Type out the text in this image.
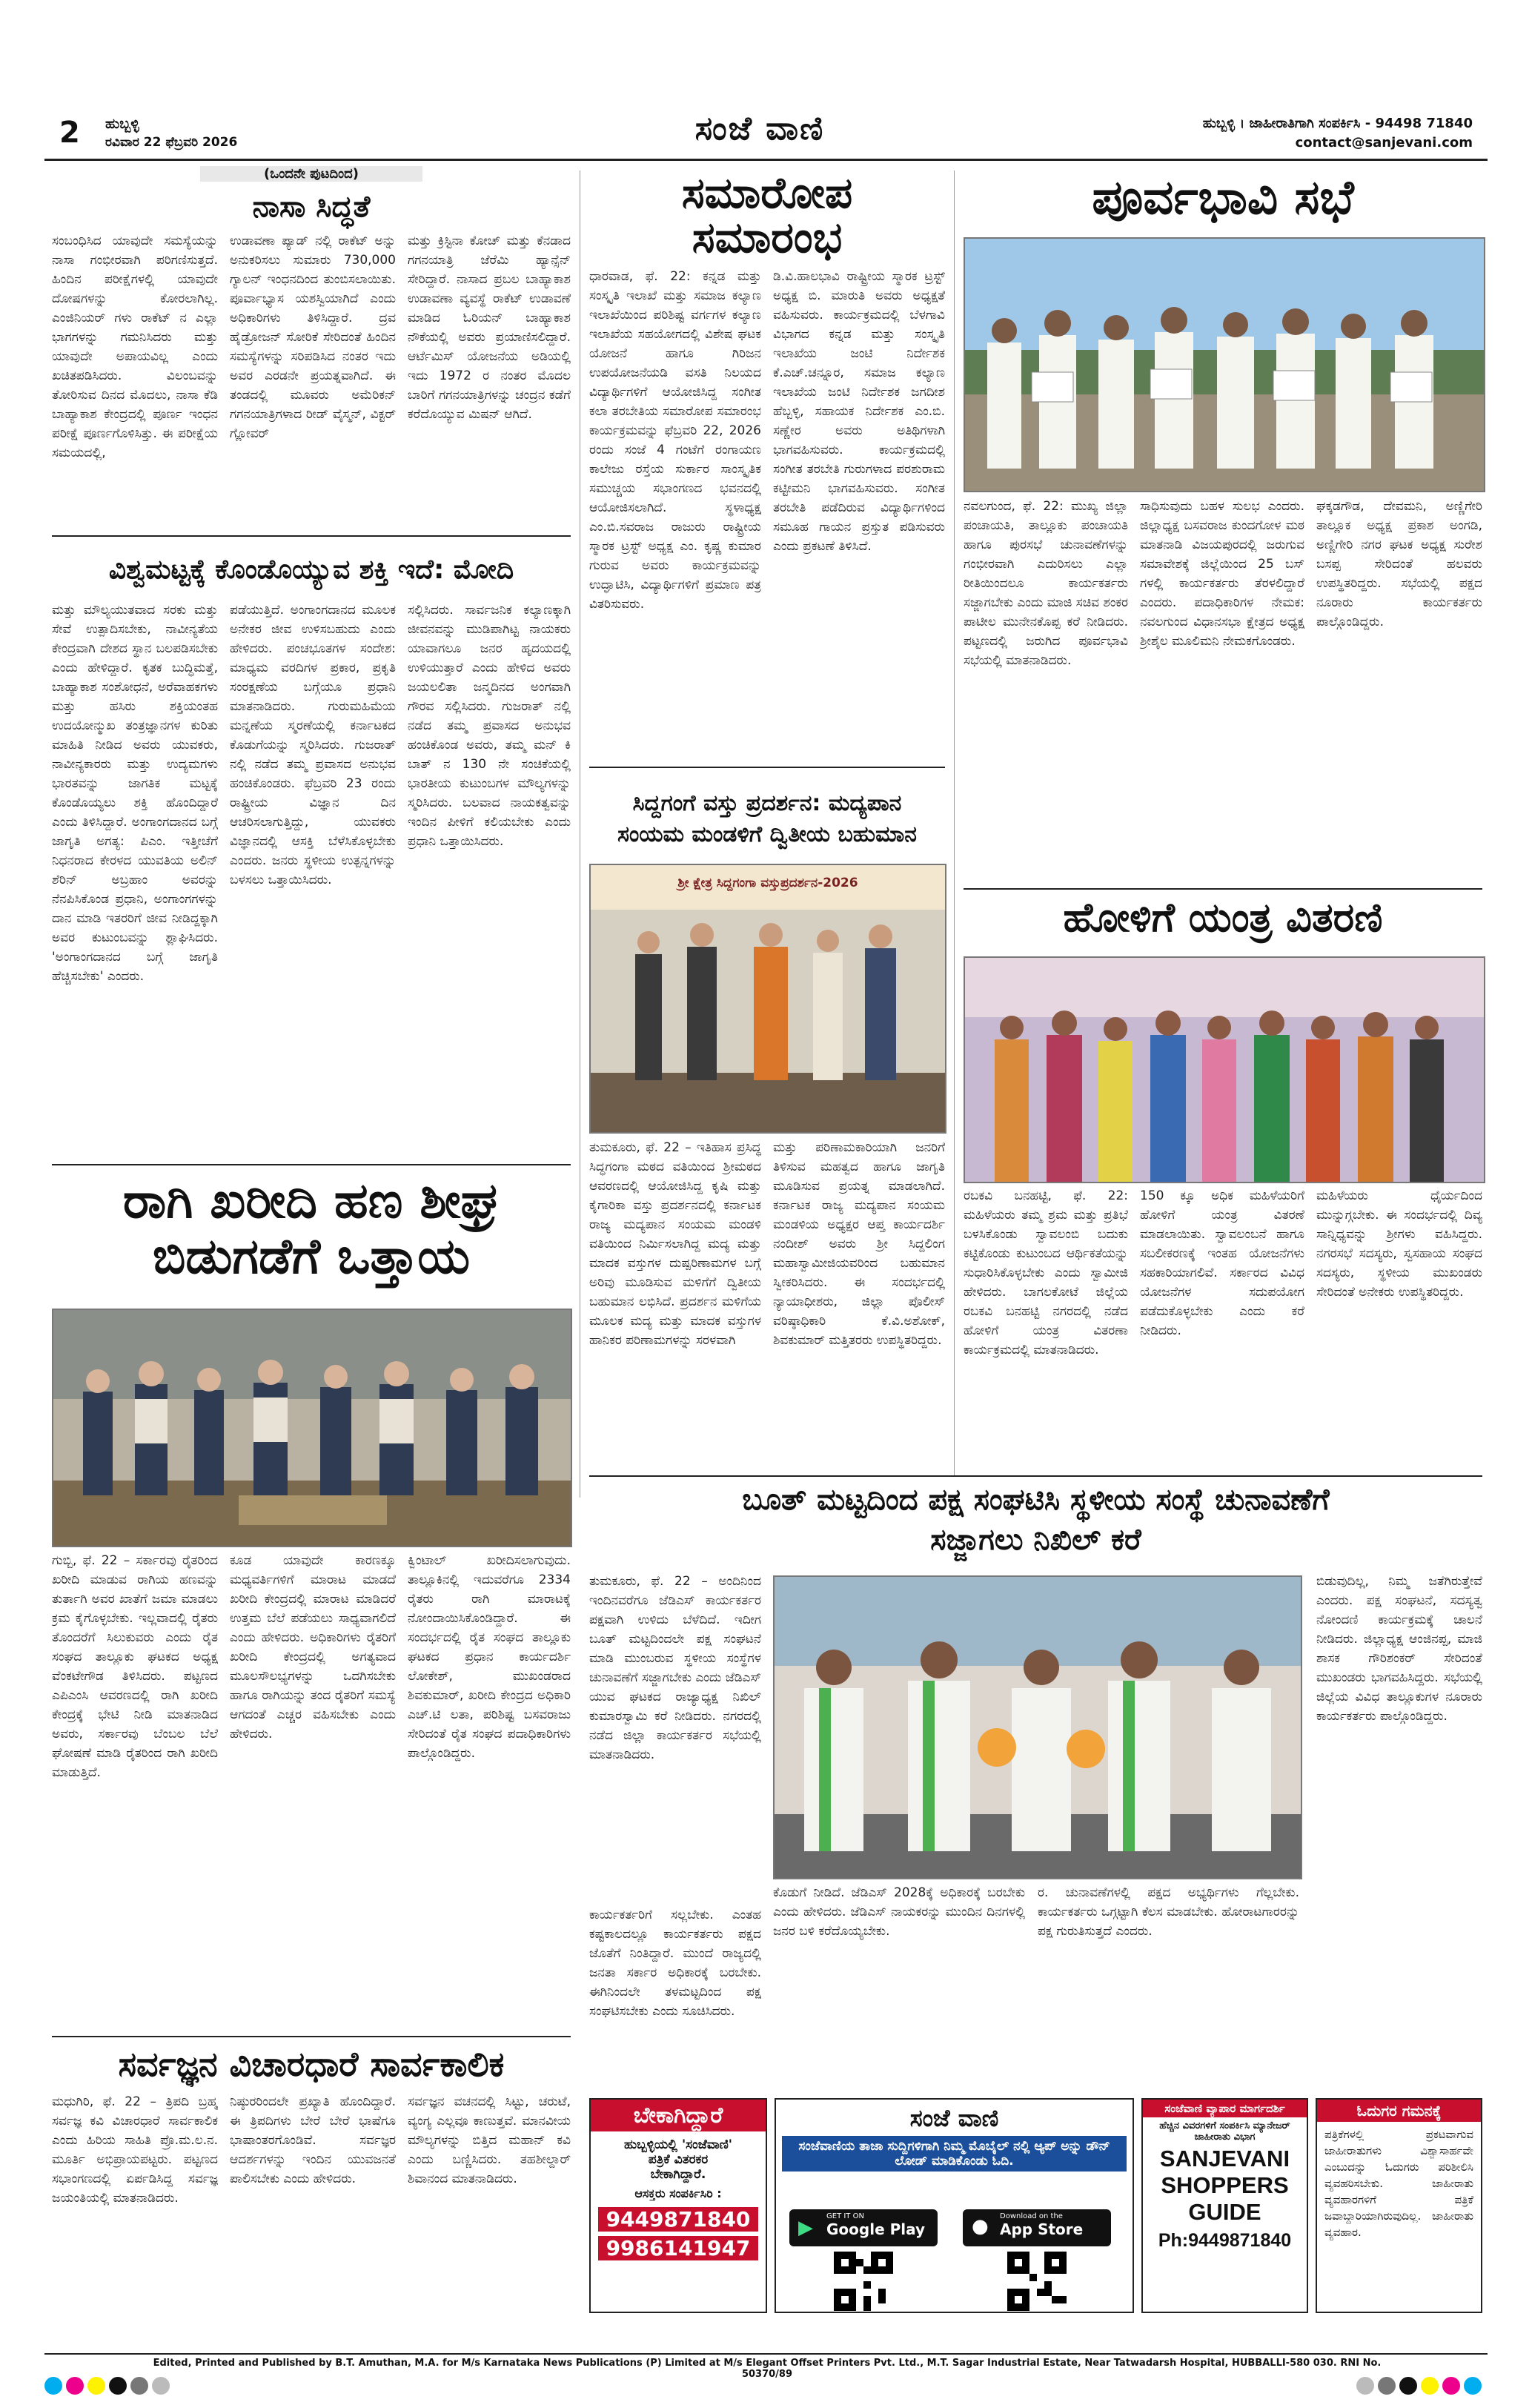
2 ಹುಬ್ಬಳ್ಳಿ
ರವಿವಾರ 22 ಫೆಬ್ರವರಿ 2026	ಸಂಜೆ ವಾಣಿ	ಹುಬ್ಬಳ್ಳಿ । ಜಾಹೀರಾತಿಗಾಗಿ ಸಂಪರ್ಕಿಸಿ - 94498 71840
contact@sanjevani.com
(ಒಂದನೇ ಪುಟದಿಂದ)
ನಾಸಾ ಸಿದ್ಧತೆ
ಸಂಬಂಧಿಸಿದ ಯಾವುದೇ ಸಮಸ್ಯೆಯನ್ನು ನಾಸಾ ಗಂಭೀರವಾಗಿ ಪರಿಗಣಿಸುತ್ತದೆ. ಹಿಂದಿನ ಪರೀಕ್ಷೆಗಳಲ್ಲಿ ಯಾವುದೇ ದೋಷಗಳನ್ನು ಕೋರಲಾಗಿಲ್ಲ. ಎಂಜಿನಿಯರ್ ಗಳು ರಾಕೆಟ್ ನ ಎಲ್ಲಾ ಭಾಗಗಳನ್ನು ಗಮನಿಸಿದರು ಮತ್ತು ಯಾವುದೇ ಅಪಾಯವಿಲ್ಲ ಎಂದು ಖಚಿತಪಡಿಸಿದರು. ವಿಲಂಬವನ್ನು ತೋರಿಸುವ ದಿನದ ಮೊದಲು, ನಾಸಾ ಕೆಡಿ ಬಾಹ್ಯಾಕಾಶ ಕೇಂದ್ರದಲ್ಲಿ ಪೂರ್ಣ ಇಂಧನ ಪರೀಕ್ಷೆ ಪೂರ್ಣಗೊಳಿಸಿತ್ತು. ಈ ಪರೀಕ್ಷೆಯ ಸಮಯದಲ್ಲಿ,
ಉಡಾವಣಾ ಪ್ಯಾಡ್ ನಲ್ಲಿ ರಾಕೆಟ್ ಅನ್ನು ಅನುಕರಿಸಲು ಸುಮಾರು 730,000 ಗ್ಯಾಲನ್ ಇಂಧನದಿಂದ ತುಂಬಿಸಲಾಯಿತು. ಪೂರ್ವಾಭ್ಯಾಸ ಯಶಸ್ವಿಯಾಗಿದೆ ಎಂದು ಅಧಿಕಾರಿಗಳು ತಿಳಿಸಿದ್ದಾರೆ. ದ್ರವ ಹೈಡ್ರೋಜನ್ ಸೋರಿಕೆ ಸೇರಿದಂತೆ ಹಿಂದಿನ ಸಮಸ್ಯೆಗಳನ್ನು ಸರಿಪಡಿಸಿದ ನಂತರ ಇದು ಅವರ ಎರಡನೇ ಪ್ರಯತ್ನವಾಗಿದೆ. ಈ ತಂಡದಲ್ಲಿ ಮೂವರು ಅಮೆರಿಕನ್ ಗಗನಯಾತ್ರಿಗಳಾದ ರೀಡ್ ವೈಸ್ಮನ್, ವಿಕ್ಟರ್ ಗ್ಲೋವರ್
ಮತ್ತು ಕ್ರಿಸ್ಟಿನಾ ಕೋಚ್ ಮತ್ತು ಕೆನಡಾದ ಗಗನಯಾತ್ರಿ ಜೆರೆಮಿ ಹ್ಯಾನ್ಸೆನ್ ಸೇರಿದ್ದಾರೆ. ನಾಸಾದ ಪ್ರಬಲ ಬಾಹ್ಯಾಕಾಶ ಉಡಾವಣಾ ವ್ಯವಸ್ಥೆ ರಾಕೆಟ್ ಉಡಾವಣೆ ಮಾಡಿದ ಓರಿಯನ್ ಬಾಹ್ಯಾಕಾಶ ನೌಕೆಯಲ್ಲಿ ಅವರು ಪ್ರಯಾಣಿಸಲಿದ್ದಾರೆ. ಆರ್ಟೆಮಿಸ್ ಯೋಜನೆಯ ಅಡಿಯಲ್ಲಿ ಇದು 1972 ರ ನಂತರ ಮೊದಲ ಬಾರಿಗೆ ಗಗನಯಾತ್ರಿಗಳನ್ನು ಚಂದ್ರನ ಕಡೆಗೆ ಕರೆದೊಯ್ಯುವ ಮಿಷನ್ ಆಗಿದೆ.
ವಿಶ್ವಮಟ್ಟಕ್ಕೆ ಕೊಂಡೊಯ್ಯುವ ಶಕ್ತಿ ಇದೆ: ಮೋದಿ
ಮತ್ತು ಮೌಲ್ಯಯುತವಾದ ಸರಕು ಮತ್ತು ಸೇವೆ ಉತ್ಪಾದಿಸಬೇಕು, ನಾವೀನ್ಯತೆಯ ಕೇಂದ್ರವಾಗಿ ದೇಶದ ಸ್ಥಾನ ಬಲಪಡಿಸಬೇಕು ಎಂದು ಹೇಳಿದ್ದಾರೆ. ಕೃತಕ ಬುದ್ಧಿಮತ್ತೆ, ಬಾಹ್ಯಾಕಾಶ ಸಂಶೋಧನೆ, ಅರೆವಾಹಕಗಳು ಮತ್ತು ಹಸಿರು ಶಕ್ತಿಯಂತಹ ಉದಯೋನ್ಮುಖ ತಂತ್ರಜ್ಞಾನಗಳ ಕುರಿತು ಮಾಹಿತಿ ನೀಡಿದ ಅವರು ಯುವಕರು, ನಾವೀನ್ಯಕಾರರು ಮತ್ತು ಉದ್ಯಮಗಳು ಭಾರತವನ್ನು ಜಾಗತಿಕ ಮಟ್ಟಕ್ಕೆ ಕೊಂಡೊಯ್ಯಲು ಶಕ್ತಿ ಹೊಂದಿದ್ದಾರೆ ಎಂದು ತಿಳಿಸಿದ್ದಾರೆ. ಅಂಗಾಂಗದಾನದ ಬಗ್ಗೆ ಜಾಗೃತಿ ಅಗತ್ಯ: ಪಿಎಂ. ಇತ್ತೀಚೆಗೆ ನಿಧನರಾದ ಕೇರಳದ ಯುವತಿಯ ಅಲಿನ್ ಶೆರಿನ್ ಅಬ್ರಹಾಂ ಅವರನ್ನು ನೆನಪಿಸಿಕೊಂಡ ಪ್ರಧಾನಿ, ಅಂಗಾಂಗಗಳನ್ನು ದಾನ ಮಾಡಿ ಇತರರಿಗೆ ಜೀವ ನೀಡಿದ್ದಕ್ಕಾಗಿ ಅವರ ಕುಟುಂಬವನ್ನು ಶ್ಲಾಘಿಸಿದರು. 'ಅಂಗಾಂಗದಾನದ ಬಗ್ಗೆ ಜಾಗೃತಿ ಹೆಚ್ಚಿಸಬೇಕು' ಎಂದರು.
ಪಡೆಯುತ್ತಿದೆ. ಅಂಗಾಂಗದಾನದ ಮೂಲಕ ಅನೇಕರ ಜೀವ ಉಳಿಸಬಹುದು ಎಂದು ಹೇಳಿದರು. ಪಂಚಭೂತಗಳ ಸಂದೇಶ: ಮಾಧ್ಯಮ ವರದಿಗಳ ಪ್ರಕಾರ, ಪ್ರಕೃತಿ ಸಂರಕ್ಷಣೆಯ ಬಗ್ಗೆಯೂ ಪ್ರಧಾನಿ ಮಾತನಾಡಿದರು. ಗುರುಮಹಿಮೆಯ ಮನ್ನಣೆಯ ಸ್ಮರಣೆಯಲ್ಲಿ ಕರ್ನಾಟಕದ ಕೊಡುಗೆಯನ್ನು ಸ್ಮರಿಸಿದರು. ಗುಜರಾತ್ ನಲ್ಲಿ ನಡೆದ ತಮ್ಮ ಪ್ರವಾಸದ ಅನುಭವ ಹಂಚಿಕೊಂಡರು. ಫೆಬ್ರವರಿ 23 ರಂದು ರಾಷ್ಟ್ರೀಯ ವಿಜ್ಞಾನ ದಿನ ಆಚರಿಸಲಾಗುತ್ತಿದ್ದು, ಯುವಕರು ವಿಜ್ಞಾನದಲ್ಲಿ ಆಸಕ್ತಿ ಬೆಳೆಸಿಕೊಳ್ಳಬೇಕು ಎಂದರು. ಜನರು ಸ್ಥಳೀಯ ಉತ್ಪನ್ನಗಳನ್ನು ಬಳಸಲು ಒತ್ತಾಯಿಸಿದರು.
ಸಲ್ಲಿಸಿದರು. ಸಾರ್ವಜನಿಕ ಕಲ್ಯಾಣಕ್ಕಾಗಿ ಜೀವನವನ್ನು ಮುಡಿಪಾಗಿಟ್ಟ ನಾಯಕರು ಯಾವಾಗಲೂ ಜನರ ಹೃದಯದಲ್ಲಿ ಉಳಿಯುತ್ತಾರೆ ಎಂದು ಹೇಳಿದ ಅವರು ಜಯಲಲಿತಾ ಜನ್ಮದಿನದ ಅಂಗವಾಗಿ ಗೌರವ ಸಲ್ಲಿಸಿದರು. ಗುಜರಾತ್ ನಲ್ಲಿ ನಡೆದ ತಮ್ಮ ಪ್ರವಾಸದ ಅನುಭವ ಹಂಚಿಕೊಂಡ ಅವರು, ತಮ್ಮ ಮನ್ ಕಿ ಬಾತ್ ನ 130 ನೇ ಸಂಚಿಕೆಯಲ್ಲಿ ಭಾರತೀಯ ಕುಟುಂಬಗಳ ಮೌಲ್ಯಗಳನ್ನು ಸ್ಮರಿಸಿದರು. ಬಲವಾದ ನಾಯಕತ್ವವನ್ನು ಇಂದಿನ ಪೀಳಿಗೆ ಕಲಿಯಬೇಕು ಎಂದು ಪ್ರಧಾನಿ ಒತ್ತಾಯಿಸಿದರು.
ರಾಗಿ ಖರೀದಿ ಹಣ ಶೀಘ್ರ
ಬಿಡುಗಡೆಗೆ ಒತ್ತಾಯ
ಗುಬ್ಬಿ, ಫೆ. 22 – ಸರ್ಕಾರವು ರೈತರಿಂದ ಖರೀದಿ ಮಾಡುವ ರಾಗಿಯ ಹಣವನ್ನು ತುರ್ತಾಗಿ ಅವರ ಖಾತೆಗೆ ಜಮಾ ಮಾಡಲು ಕ್ರಮ ಕೈಗೊಳ್ಳಬೇಕು. ಇಲ್ಲವಾದಲ್ಲಿ ರೈತರು ತೊಂದರೆಗೆ ಸಿಲುಕುವರು ಎಂದು ರೈತ ಸಂಘದ ತಾಲ್ಲೂಕು ಘಟಕದ ಅಧ್ಯಕ್ಷ ವೆಂಕಟೇಗೌಡ ತಿಳಿಸಿದರು. ಪಟ್ಟಣದ ಎಪಿಎಂಸಿ ಆವರಣದಲ್ಲಿ ರಾಗಿ ಖರೀದಿ ಕೇಂದ್ರಕ್ಕೆ ಭೇಟಿ ನೀಡಿ ಮಾತನಾಡಿದ ಅವರು, ಸರ್ಕಾರವು ಬೆಂಬಲ ಬೆಲೆ ಘೋಷಣೆ ಮಾಡಿ ರೈತರಿಂದ ರಾಗಿ ಖರೀದಿ ಮಾಡುತ್ತಿದೆ.
ಕೂಡ ಯಾವುದೇ ಕಾರಣಕ್ಕೂ ಮಧ್ಯವರ್ತಿಗಳಿಗೆ ಮಾರಾಟ ಮಾಡದೆ ಖರೀದಿ ಕೇಂದ್ರದಲ್ಲಿ ಮಾರಾಟ ಮಾಡಿದರೆ ಉತ್ತಮ ಬೆಲೆ ಪಡೆಯಲು ಸಾಧ್ಯವಾಗಲಿದೆ ಎಂದು ಹೇಳಿದರು. ಅಧಿಕಾರಿಗಳು ರೈತರಿಗೆ ಖರೀದಿ ಕೇಂದ್ರದಲ್ಲಿ ಅಗತ್ಯವಾದ ಮೂಲಸೌಲಭ್ಯಗಳನ್ನು ಒದಗಿಸಬೇಕು ಹಾಗೂ ರಾಗಿಯನ್ನು ತಂದ ರೈತರಿಗೆ ಸಮಸ್ಯೆ ಆಗದಂತೆ ಎಚ್ಚರ ವಹಿಸಬೇಕು ಎಂದು ಹೇಳಿದರು.
ಕ್ವಿಂಟಾಲ್ ಖರೀದಿಸಲಾಗುವುದು. ತಾಲ್ಲೂಕಿನಲ್ಲಿ ಇದುವರೆಗೂ 2334 ರೈತರು ರಾಗಿ ಮಾರಾಟಕ್ಕೆ ನೋಂದಾಯಿಸಿಕೊಂಡಿದ್ದಾರೆ. ಈ ಸಂದರ್ಭದಲ್ಲಿ ರೈತ ಸಂಘದ ತಾಲ್ಲೂಕು ಘಟಕದ ಪ್ರಧಾನ ಕಾರ್ಯದರ್ಶಿ ಲೋಕೇಶ್, ಮುಖಂಡರಾದ ಶಿವಕುಮಾರ್, ಖರೀದಿ ಕೇಂದ್ರದ ಅಧಿಕಾರಿ ಎಚ್.ಟಿ ಲತಾ, ಪರಿಶಿಷ್ಟ ಬಸವರಾಜು ಸೇರಿದಂತೆ ರೈತ ಸಂಘದ ಪದಾಧಿಕಾರಿಗಳು ಪಾಲ್ಗೊಂಡಿದ್ದರು.
ಸರ್ವಜ್ಞನ ವಿಚಾರಧಾರೆ ಸಾರ್ವಕಾಲಿಕ
ಮಧುಗಿರಿ, ಫೆ. 22 – ತ್ರಿಪದಿ ಬ್ರಹ್ಮ ಸರ್ವಜ್ಞ ಕವಿ ವಿಚಾರಧಾರೆ ಸಾರ್ವಕಾಲಿಕ ಎಂದು ಹಿರಿಯ ಸಾಹಿತಿ ಪ್ರೊ.ಮ.ಲ.ನ. ಮೂರ್ತಿ ಅಭಿಪ್ರಾಯಪಟ್ಟರು. ಪಟ್ಟಣದ ಸಭಾಂಗಣದಲ್ಲಿ ಏರ್ಪಡಿಸಿದ್ದ ಸರ್ವಜ್ಞ ಜಯಂತಿಯಲ್ಲಿ ಮಾತನಾಡಿದರು.
ನಿಷ್ಠುರರಿಂದಲೇ ಪ್ರಖ್ಯಾತಿ ಹೊಂದಿದ್ದಾರೆ. ಈ ತ್ರಿಪದಿಗಳು ಬೇರೆ ಬೇರೆ ಭಾಷೆಗೂ ಭಾಷಾಂತರಗೊಂಡಿವೆ. ಸರ್ವಜ್ಞರ ಆದರ್ಶಗಳನ್ನು ಇಂದಿನ ಯುವಜನತೆ ಪಾಲಿಸಬೇಕು ಎಂದು ಹೇಳಿದರು.
ಸರ್ವಜ್ಞನ ವಚನದಲ್ಲಿ ಸಿಟ್ಟು, ಚರುಟೆ, ವ್ಯಂಗ್ಯ ಎಲ್ಲವೂ ಕಾಣುತ್ತವೆ. ಮಾನವೀಯ ಮೌಲ್ಯಗಳನ್ನು ಬಿತ್ತಿದ ಮಹಾನ್ ಕವಿ ಎಂದು ಬಣ್ಣಿಸಿದರು. ತಹಶೀಲ್ದಾರ್ ಶಿವಾನಂದ ಮಾತನಾಡಿದರು.
ಸಮಾರೋಪ
ಸಮಾರಂಭ
ಧಾರವಾಡ, ಫೆ. 22: ಕನ್ನಡ ಮತ್ತು ಸಂಸ್ಕೃತಿ ಇಲಾಖೆ ಮತ್ತು ಸಮಾಜ ಕಲ್ಯಾಣ ಇಲಾಖೆಯಿಂದ ಪರಿಶಿಷ್ಟ ವರ್ಗಗಳ ಕಲ್ಯಾಣ ಇಲಾಖೆಯ ಸಹಯೋಗದಲ್ಲಿ ವಿಶೇಷ ಘಟಕ ಯೋಜನೆ ಹಾಗೂ ಗಿರಿಜನ ಉಪಯೋಜನೆಯಡಿ ವಸತಿ ನಿಲಯದ ವಿದ್ಯಾರ್ಥಿಗಳಿಗೆ ಆಯೋಜಿಸಿದ್ದ ಸಂಗೀತ ಕಲಾ ತರಬೇತಿಯ ಸಮಾರೋಪ ಸಮಾರಂಭ ಕಾರ್ಯಕ್ರಮವನ್ನು ಫೆಬ್ರವರಿ 22, 2026 ರಂದು ಸಂಜೆ 4 ಗಂಟೆಗೆ ರಂಗಾಯಣ ಕಾಲೇಜು ರಸ್ತೆಯ ಸುರ್ಕಾರ ಸಾಂಸ್ಕೃತಿಕ ಸಮುಚ್ಚಯ ಸಭಾಂಗಣದ ಭವನದಲ್ಲಿ ಆಯೋಜಿಸಲಾಗಿದೆ. ಸ್ಥಳಾಧ್ಯಕ್ಷ ಎಂ.ಬಿ.ಸವರಾಜ ರಾಜುರು ರಾಷ್ಟ್ರೀಯ ಸ್ಮಾರಕ ಟ್ರಸ್ಟ್ ಅಧ್ಯಕ್ಷ ಎಂ. ಕೃಷ್ಣ ಕುಮಾರ ಗುರುವ ಅವರು ಕಾರ್ಯಕ್ರಮವನ್ನು ಉದ್ಘಾಟಿಸಿ, ವಿದ್ಯಾರ್ಥಿಗಳಿಗೆ ಪ್ರಮಾಣ ಪತ್ರ ವಿತರಿಸುವರು.
ಡಿ.ವಿ.ಹಾಲಭಾವಿ ರಾಷ್ಟ್ರೀಯ ಸ್ಮಾರಕ ಟ್ರಸ್ಟ್ ಅಧ್ಯಕ್ಷ ಬಿ. ಮಾರುತಿ ಅವರು ಅಧ್ಯಕ್ಷತೆ ವಹಿಸುವರು. ಕಾರ್ಯಕ್ರಮದಲ್ಲಿ ಬೆಳಗಾವಿ ವಿಭಾಗದ ಕನ್ನಡ ಮತ್ತು ಸಂಸ್ಕೃತಿ ಇಲಾಖೆಯ ಜಂಟಿ ನಿರ್ದೇಶಕ ಕೆ.ಎಚ್.ಚನ್ನೂರ, ಸಮಾಜ ಕಲ್ಯಾಣ ಇಲಾಖೆಯ ಜಂಟಿ ನಿರ್ದೇಶಕ ಜಗದೀಶ ಹೆಬ್ಬಳ್ಳಿ, ಸಹಾಯಕ ನಿರ್ದೇಶಕ ಎಂ.ಬಿ. ಸಣ್ಣೇರ ಅವರು ಅತಿಥಿಗಳಾಗಿ ಭಾಗವಹಿಸುವರು. ಕಾರ್ಯಕ್ರಮದಲ್ಲಿ ಸಂಗೀತ ತರಬೇತಿ ಗುರುಗಳಾದ ಪರಶುರಾಮ ಕಟ್ಟೀಮನಿ ಭಾಗವಹಿಸುವರು. ಸಂಗೀತ ತರಬೇತಿ ಪಡೆದಿರುವ ವಿದ್ಯಾರ್ಥಿಗಳಿಂದ ಸಮೂಹ ಗಾಯನ ಪ್ರಸ್ತುತ ಪಡಿಸುವರು ಎಂದು ಪ್ರಕಟಣೆ ತಿಳಿಸಿದೆ.
ಸಿದ್ದಗಂಗೆ ವಸ್ತು ಪ್ರದರ್ಶನ: ಮದ್ಯಪಾನ
ಸಂಯಮ ಮಂಡಳಿಗೆ ದ್ವಿತೀಯ ಬಹುಮಾನ
ಶ್ರೀ ಕ್ಷೇತ್ರ ಸಿದ್ದಗಂಗಾ ವಸ್ತುಪ್ರದರ್ಶನ-2026
ತುಮಕೂರು, ಫೆ. 22 – ಇತಿಹಾಸ ಪ್ರಸಿದ್ಧ ಸಿದ್ಧಗಂಗಾ ಮಠದ ವತಿಯಿಂದ ಶ್ರೀಮಠದ ಆವರಣದಲ್ಲಿ ಆಯೋಜಿಸಿದ್ದ ಕೃಷಿ ಮತ್ತು ಕೈಗಾರಿಕಾ ವಸ್ತು ಪ್ರದರ್ಶನದಲ್ಲಿ ಕರ್ನಾಟಕ ರಾಜ್ಯ ಮದ್ಯಪಾನ ಸಂಯಮ ಮಂಡಳಿ ವತಿಯಿಂದ ನಿರ್ಮಿಸಲಾಗಿದ್ದ ಮದ್ಯ ಮತ್ತು ಮಾದಕ ವಸ್ತುಗಳ ದುಷ್ಪರಿಣಾಮಗಳ ಬಗ್ಗೆ ಅರಿವು ಮೂಡಿಸುವ ಮಳಿಗೆಗೆ ದ್ವಿತೀಯ ಬಹುಮಾನ ಲಭಿಸಿದೆ. ಪ್ರದರ್ಶನ ಮಳಿಗೆಯ ಮೂಲಕ ಮದ್ಯ ಮತ್ತು ಮಾದಕ ವಸ್ತುಗಳ ಹಾನಿಕರ ಪರಿಣಾಮಗಳನ್ನು ಸರಳವಾಗಿ
ಮತ್ತು ಪರಿಣಾಮಕಾರಿಯಾಗಿ ಜನರಿಗೆ ತಿಳಿಸುವ ಮಹತ್ವದ ಹಾಗೂ ಜಾಗೃತಿ ಮೂಡಿಸುವ ಪ್ರಯತ್ನ ಮಾಡಲಾಗಿದೆ. ಕರ್ನಾಟಕ ರಾಜ್ಯ ಮದ್ಯಪಾನ ಸಂಯಮ ಮಂಡಳಿಯ ಅಧ್ಯಕ್ಷರ ಆಪ್ತ ಕಾರ್ಯದರ್ಶಿ ನಂದೀಶ್ ಅವರು ಶ್ರೀ ಸಿದ್ದಲಿಂಗ ಮಹಾಸ್ವಾಮೀಜಿಯವರಿಂದ ಬಹುಮಾನ ಸ್ವೀಕರಿಸಿದರು. ಈ ಸಂದರ್ಭದಲ್ಲಿ ನ್ಯಾಯಾಧೀಶರು, ಜಿಲ್ಲಾ ಪೊಲೀಸ್ ವರಿಷ್ಠಾಧಿಕಾರಿ ಕೆ.ವಿ.ಅಶೋಕ್, ಶಿವಕುಮಾರ್ ಮತ್ತಿತರರು ಉಪಸ್ಥಿತರಿದ್ದರು.
ಪೂರ್ವಭಾವಿ ಸಭೆ
ನವಲಗುಂದ, ಫೆ. 22: ಮುಖ್ಯ ಜಿಲ್ಲಾ ಪಂಚಾಯತಿ, ತಾಲ್ಲೂಕು ಪಂಚಾಯತಿ ಹಾಗೂ ಪುರಸಭೆ ಚುನಾವಣೆಗಳನ್ನು ಗಂಭೀರವಾಗಿ ಎದುರಿಸಲು ಎಲ್ಲಾ ರೀತಿಯಿಂದಲೂ ಕಾರ್ಯಕರ್ತರು ಸಜ್ಜಾಗಬೇಕು ಎಂದು ಮಾಜಿ ಸಚಿವ ಶಂಕರ ಪಾಟೀಲ ಮುನೇನಕೊಪ್ಪ ಕರೆ ನೀಡಿದರು. ಪಟ್ಟಣದಲ್ಲಿ ಜರುಗಿದ ಪೂರ್ವಭಾವಿ ಸಭೆಯಲ್ಲಿ ಮಾತನಾಡಿದರು.
ಸಾಧಿಸುವುದು ಬಹಳ ಸುಲಭ ಎಂದರು. ಜಿಲ್ಲಾಧ್ಯಕ್ಷ ಬಸವರಾಜ ಕುಂದಗೋಳ ಮಠ ಮಾತನಾಡಿ ವಿಜಯಪುರದಲ್ಲಿ ಜರುಗುವ ಸಮಾವೇಶಕ್ಕೆ ಜಿಲ್ಲೆಯಿಂದ 25 ಬಸ್ ಗಳಲ್ಲಿ ಕಾರ್ಯಕರ್ತರು ತೆರಳಲಿದ್ದಾರೆ ಎಂದರು. ಪದಾಧಿಕಾರಿಗಳ ನೇಮಕ: ನವಲಗುಂದ ವಿಧಾನಸಭಾ ಕ್ಷೇತ್ರದ ಅಧ್ಯಕ್ಷ ಶ್ರೀಶೈಲ ಮೂಲಿಮನಿ ನೇಮಕಗೊಂಡರು.
ಘಕ್ಕಡಗೌಡ, ದೇವಮನಿ, ಅಣ್ಣಿಗೇರಿ ತಾಲ್ಲೂಕ ಅಧ್ಯಕ್ಷ ಪ್ರಕಾಶ ಅಂಗಡಿ, ಅಣ್ಣಿಗೇರಿ ನಗರ ಘಟಕ ಅಧ್ಯಕ್ಷ ಸುರೇಶ ಬಸಪ್ಪ ಸೇರಿದಂತೆ ಹಲವರು ಉಪಸ್ಥಿತರಿದ್ದರು. ಸಭೆಯಲ್ಲಿ ಪಕ್ಷದ ನೂರಾರು ಕಾರ್ಯಕರ್ತರು ಪಾಲ್ಗೊಂಡಿದ್ದರು.
ಹೋಳಿಗೆ ಯಂತ್ರ ವಿತರಣಿ
ರಬಕವಿ ಬನಹಟ್ಟಿ, ಫೆ. 22: ಮಹಿಳೆಯರು ತಮ್ಮ ಶ್ರಮ ಮತ್ತು ಪ್ರತಿಭೆ ಬಳಸಿಕೊಂಡು ಸ್ವಾವಲಂಬಿ ಬದುಕು ಕಟ್ಟಿಕೊಂಡು ಕುಟುಂಬದ ಆರ್ಥಿಕತೆಯನ್ನು ಸುಧಾರಿಸಿಕೊಳ್ಳಬೇಕು ಎಂದು ಸ್ವಾಮೀಜಿ ಹೇಳಿದರು. ಬಾಗಲಕೋಟೆ ಜಿಲ್ಲೆಯ ರಬಕವಿ ಬನಹಟ್ಟಿ ನಗರದಲ್ಲಿ ನಡೆದ ಹೋಳಿಗೆ ಯಂತ್ರ ವಿತರಣಾ ಕಾರ್ಯಕ್ರಮದಲ್ಲಿ ಮಾತನಾಡಿದರು.
150 ಕ್ಕೂ ಅಧಿಕ ಮಹಿಳೆಯರಿಗೆ ಹೋಳಿಗೆ ಯಂತ್ರ ವಿತರಣೆ ಮಾಡಲಾಯಿತು. ಸ್ವಾವಲಂಬನೆ ಹಾಗೂ ಸಬಲೀಕರಣಕ್ಕೆ ಇಂತಹ ಯೋಜನೆಗಳು ಸಹಕಾರಿಯಾಗಲಿವೆ. ಸರ್ಕಾರದ ವಿವಿಧ ಯೋಜನೆಗಳ ಸದುಪಯೋಗ ಪಡೆದುಕೊಳ್ಳಬೇಕು ಎಂದು ಕರೆ ನೀಡಿದರು.
ಮಹಿಳೆಯರು ಧೈರ್ಯದಿಂದ ಮುನ್ನುಗ್ಗಬೇಕು. ಈ ಸಂದರ್ಭದಲ್ಲಿ ದಿವ್ಯ ಸಾನ್ನಿಧ್ಯವನ್ನು ಶ್ರೀಗಳು ವಹಿಸಿದ್ದರು. ನಗರಸಭೆ ಸದಸ್ಯರು, ಸ್ವಸಹಾಯ ಸಂಘದ ಸದಸ್ಯರು, ಸ್ಥಳೀಯ ಮುಖಂಡರು ಸೇರಿದಂತೆ ಅನೇಕರು ಉಪಸ್ಥಿತರಿದ್ದರು.
ಬೂತ್ ಮಟ್ಟದಿಂದ ಪಕ್ಷ ಸಂಘಟಿಸಿ ಸ್ಥಳೀಯ ಸಂಸ್ಥೆ ಚುನಾವಣೆಗೆ
ಸಜ್ಜಾಗಲು ನಿಖಿಲ್ ಕರೆ
ತುಮಕೂರು, ಫೆ. 22 – ಅಂದಿನಿಂದ ಇಂದಿನವರೆಗೂ ಜೆಡಿಎಸ್ ಕಾರ್ಯಕರ್ತರ ಪಕ್ಷವಾಗಿ ಉಳಿದು ಬೆಳೆದಿದೆ. ಇದೀಗ ಬೂತ್ ಮಟ್ಟದಿಂದಲೇ ಪಕ್ಷ ಸಂಘಟನೆ ಮಾಡಿ ಮುಂಬರುವ ಸ್ಥಳೀಯ ಸಂಸ್ಥೆಗಳ ಚುನಾವಣೆಗೆ ಸಜ್ಜಾಗಬೇಕು ಎಂದು ಜೆಡಿಎಸ್ ಯುವ ಘಟಕದ ರಾಜ್ಯಾಧ್ಯಕ್ಷ ನಿಖಿಲ್ ಕುಮಾರಸ್ವಾಮಿ ಕರೆ ನೀಡಿದರು. ನಗರದಲ್ಲಿ ನಡೆದ ಜಿಲ್ಲಾ ಕಾರ್ಯಕರ್ತರ ಸಭೆಯಲ್ಲಿ ಮಾತನಾಡಿದರು.
ಬಿಡುವುದಿಲ್ಲ, ನಿಮ್ಮ ಜತೆಗಿರುತ್ತೇವೆ ಎಂದರು. ಪಕ್ಷ ಸಂಘಟನೆ, ಸದಸ್ಯತ್ವ ನೋಂದಣಿ ಕಾರ್ಯಕ್ರಮಕ್ಕೆ ಚಾಲನೆ ನೀಡಿದರು. ಜಿಲ್ಲಾಧ್ಯಕ್ಷ ಆಂಜಿನಪ್ಪ, ಮಾಜಿ ಶಾಸಕ ಗೌರಿಶಂಕರ್ ಸೇರಿದಂತೆ ಮುಖಂಡರು ಭಾಗವಹಿಸಿದ್ದರು. ಸಭೆಯಲ್ಲಿ ಜಿಲ್ಲೆಯ ವಿವಿಧ ತಾಲ್ಲೂಕುಗಳ ನೂರಾರು ಕಾರ್ಯಕರ್ತರು ಪಾಲ್ಗೊಂಡಿದ್ದರು.
ಕಾರ್ಯಕರ್ತರಿಗೆ ಸಲ್ಲಬೇಕು. ಎಂತಹ ಕಷ್ಟಕಾಲದಲ್ಲೂ ಕಾರ್ಯಕರ್ತರು ಪಕ್ಷದ ಜೊತೆಗೆ ನಿಂತಿದ್ದಾರೆ. ಮುಂದೆ ರಾಜ್ಯದಲ್ಲಿ ಜನತಾ ಸರ್ಕಾರ ಅಧಿಕಾರಕ್ಕೆ ಬರಬೇಕು. ಈಗಿನಿಂದಲೇ ತಳಮಟ್ಟದಿಂದ ಪಕ್ಷ ಸಂಘಟಿಸಬೇಕು ಎಂದು ಸೂಚಿಸಿದರು.
ಕೊಡುಗೆ ನೀಡಿದೆ. ಜೆಡಿಎಸ್ 2028ಕ್ಕೆ ಅಧಿಕಾರಕ್ಕೆ ಬರಬೇಕು ಎಂದು ಹೇಳಿದರು. ಜೆಡಿಎಸ್ ನಾಯಕರನ್ನು ಮುಂದಿನ ದಿನಗಳಲ್ಲಿ ಜನರ ಬಳಿ ಕರೆದೊಯ್ಯಬೇಕು.
ರ. ಚುನಾವಣೆಗಳಲ್ಲಿ ಪಕ್ಷದ ಅಭ್ಯರ್ಥಿಗಳು ಗೆಲ್ಲಬೇಕು. ಕಾರ್ಯಕರ್ತರು ಒಗ್ಗಟ್ಟಾಗಿ ಕೆಲಸ ಮಾಡಬೇಕು. ಹೋರಾಟಗಾರರನ್ನು ಪಕ್ಷ ಗುರುತಿಸುತ್ತದೆ ಎಂದರು.
ಬೇಕಾಗಿದ್ದಾರೆ
ಹುಬ್ಬಳ್ಳಿಯಲ್ಲಿ 'ಸಂಜೆವಾಣಿ'
ಪತ್ರಿಕೆ ವಿತರಕರ
ಬೇಕಾಗಿದ್ದಾರೆ.
ಆಸಕ್ತರು ಸಂಪರ್ಕಿಸಿರಿ :
9449871840
9986141947
ಸಂಜೆ ವಾಣಿ
ಸಂಜೆವಾಣಿಯ ತಾಜಾ ಸುದ್ದಿಗಳಿಗಾಗಿ ನಿಮ್ಮ ಮೊಬೈಲ್ ನಲ್ಲಿ ಆ್ಯಪ್ ಅನ್ನು ಡೌನ್ ಲೋಡ್ ಮಾಡಿಕೊಂಡು ಓದಿ.
▶
GET IT ON
Google Play ● Download on the
App Store
ಸಂಜೆವಾಣಿ ವ್ಯಾಪಾರ ಮಾರ್ಗದರ್ಶಿ
ಹೆಚ್ಚಿನ ವಿವರಗಳಿಗೆ ಸಂಪರ್ಕಿಸಿ ಮ್ಯಾನೇಜರ್ ಜಾಹೀರಾತು ವಿಭಾಗ
SANJEVANI
SHOPPERS
GUIDE
Ph:9449871840
ಓದುಗರ ಗಮನಕ್ಕೆ
ಪತ್ರಿಕೆಗಳಲ್ಲಿ ಪ್ರಕಟವಾಗುವ ಜಾಹೀರಾತುಗಳು ವಿಶ್ವಾಸಾರ್ಹವೇ ಎಂಬುದನ್ನು ಓದುಗರು ಪರಿಶೀಲಿಸಿ ವ್ಯವಹರಿಸಬೇಕು. ಜಾಹೀರಾತು ವ್ಯವಹಾರಗಳಿಗೆ ಪತ್ರಿಕೆ ಜವಾಬ್ದಾರಿಯಾಗಿರುವುದಿಲ್ಲ. ಜಾಹೀರಾತು ವ್ಯವಹಾರ.
Edited, Printed and Published by B.T. Amuthan, M.A. for M/s Karnataka News Publications (P) Limited at M/s Elegant Offset Printers Pvt. Ltd., M.T. Sagar Industrial Estate, Near Tatwadarsh Hospital, HUBBALLI-580 030. RNI No. 50370/89
